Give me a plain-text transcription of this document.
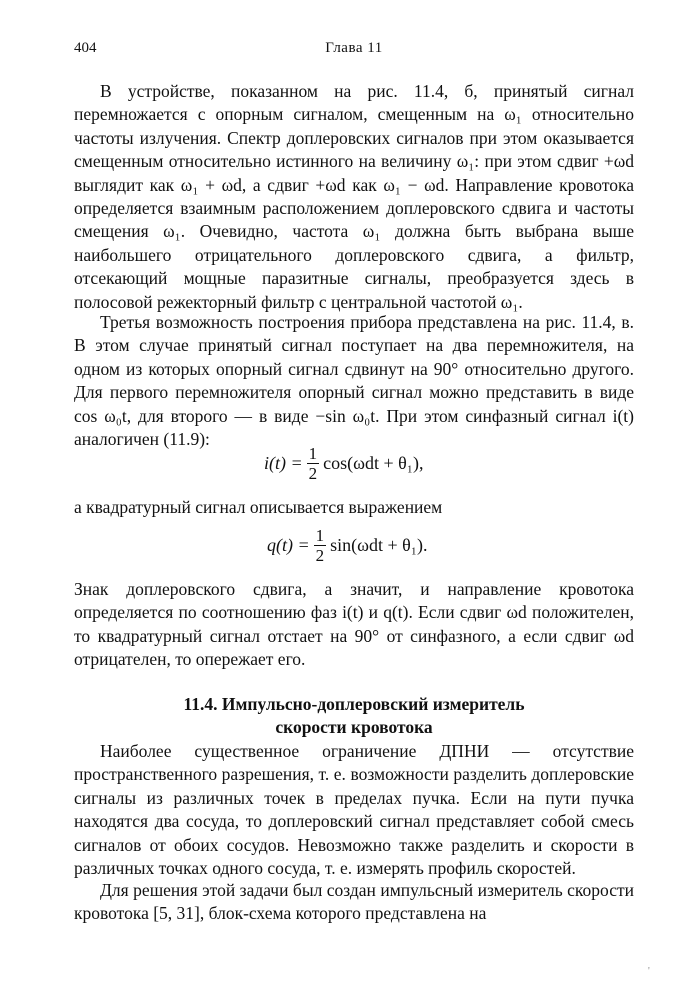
404	Глава 11

В устройстве, показанном на рис. 11.4, б, принятый сигнал перемножается с опорным сигналом, смещенным на ω₁ относительно частоты излучения. Спектр доплеровских сигналов при этом оказывается смещенным относительно истинного на величину ω₁: при этом сдвиг +ωd выглядит как ω₁ + ωd, а сдвиг +ωd как ω₁ − ωd. Направление кровотока определяется взаимным расположением доплеровского сдвига и частоты смещения ω₁. Очевидно, частота ω₁ должна быть выбрана выше наибольшего отрицательного доплеровского сдвига, а фильтр, отсекающий мощные паразитные сигналы, преобразуется здесь в полосовой режекторный фильтр с центральной частотой ω₁.

Третья возможность построения прибора представлена на рис. 11.4, в. В этом случае принятый сигнал поступает на два перемножителя, на одном из которых опорный сигнал сдвинут на 90° относительно другого. Для первого перемножителя опорный сигнал можно представить в виде cos ω₀t, для второго — в виде −sin ω₀t. При этом синфазный сигнал i(t) аналогичен (11.9):

$i(t) = \frac{1}{2} \cos(\omega dt + \theta_1)$,

а квадратурный сигнал описывается выражением

$q(t) = \frac{1}{2} \sin(\omega dt + \theta_1)$.

Знак доплеровского сдвига, а значит, и направление кровотока определяется по соотношению фаз i(t) и q(t). Если сдвиг ωd положителен, то квадратурный сигнал отстает на 90° от синфазного, а если сдвиг ωd отрицателен, то опережает его.

11.4. Импульсно-доплеровский измеритель
скорости кровотока

Наиболее существенное ограничение ДПНИ — отсутствие пространственного разрешения, т. е. возможности разделить доплеровские сигналы из различных точек в пределах пучка. Если на пути пучка находятся два сосуда, то доплеровский сигнал представляет собой смесь сигналов от обоих сосудов. Невозможно также разделить и скорости в различных точках одного сосуда, т. е. измерять профиль скоростей.

Для решения этой задачи был создан импульсный измеритель скорости кровотока [5, 31], блок-схема которого представлена на

'
